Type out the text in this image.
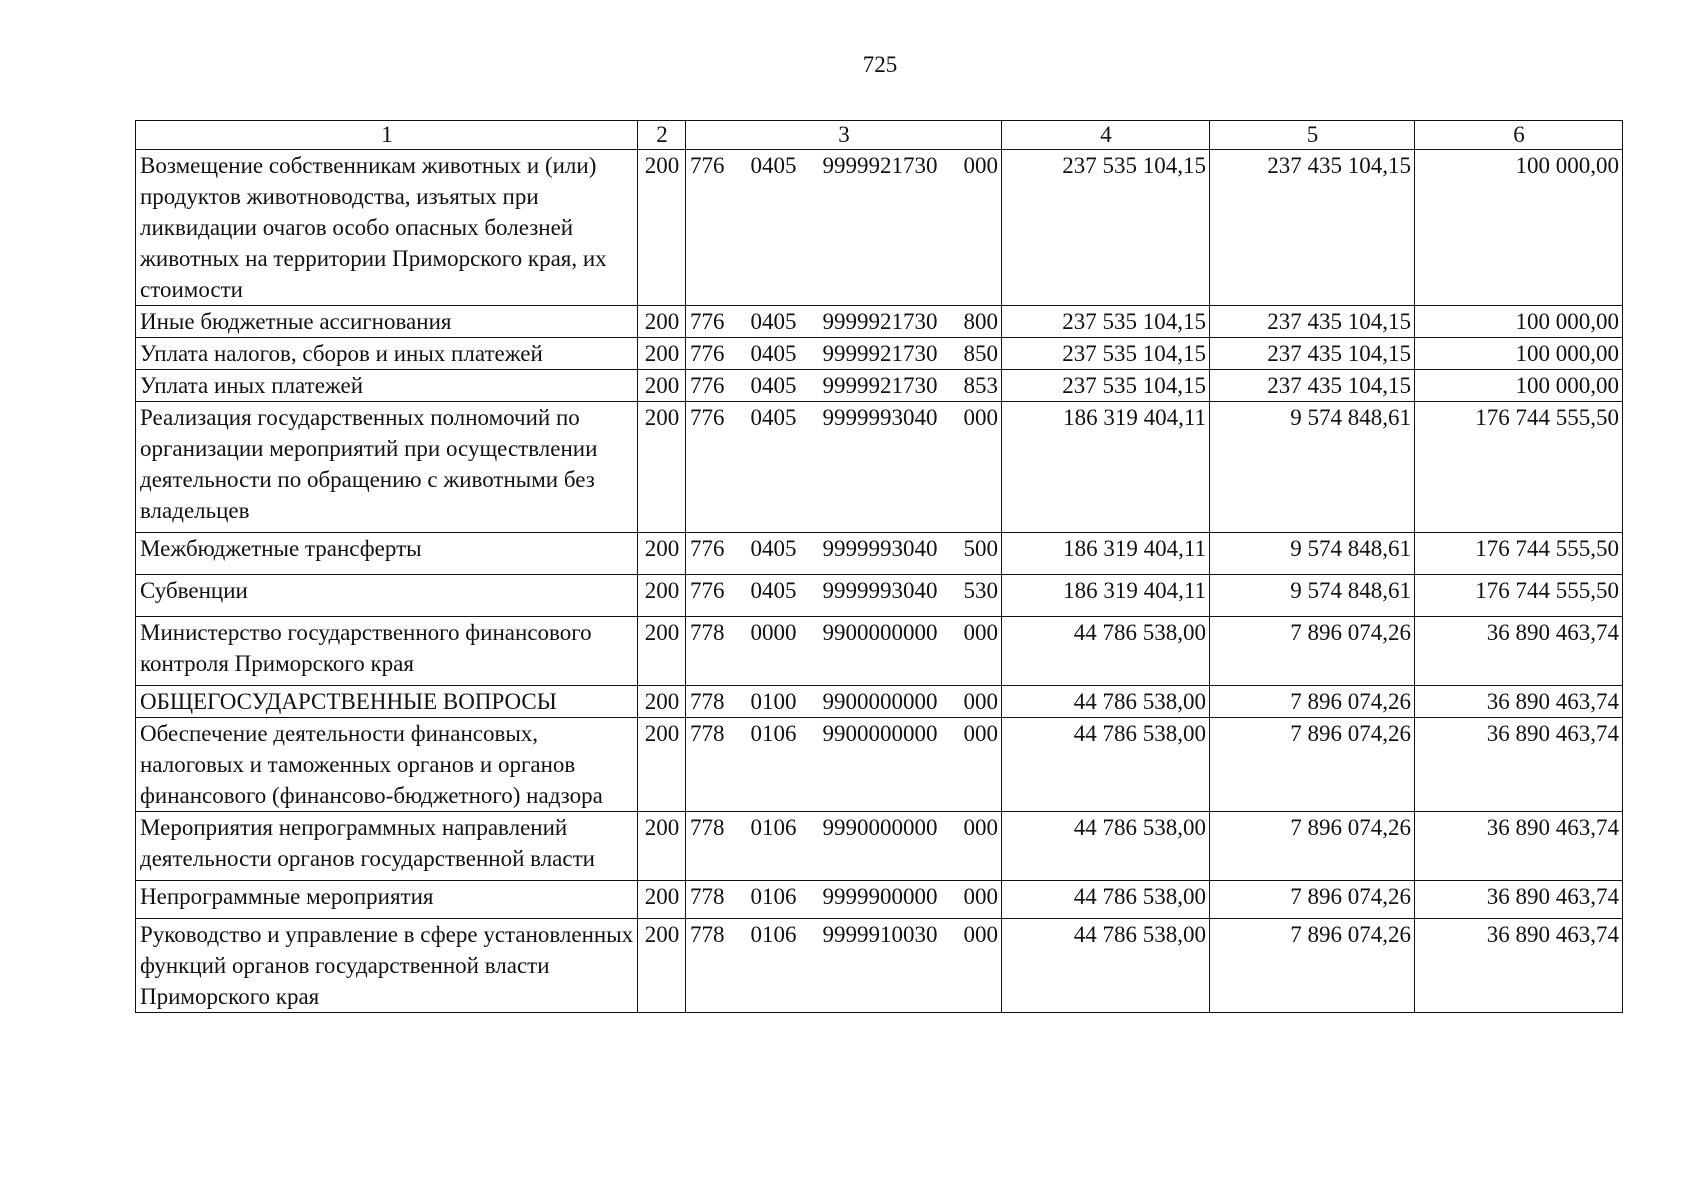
725
1	2	3	4	5	6
Возмещение собственникам животных и (или) продуктов животноводства, изъятых при ликвидации очагов особо опасных болезней животных на территории Приморского края, их стоимости	200	776 0405 9999921730 000	237 535 104,15	237 435 104,15	100 000,00
Иные бюджетные ассигнования	200	776 0405 9999921730 800	237 535 104,15	237 435 104,15	100 000,00
Уплата налогов, сборов и иных платежей	200	776 0405 9999921730 850	237 535 104,15	237 435 104,15	100 000,00
Уплата иных платежей	200	776 0405 9999921730 853	237 535 104,15	237 435 104,15	100 000,00
Реализация государственных полномочий по организации мероприятий при осуществлении деятельности по обращению с животными без владельцев	200	776 0405 9999993040 000	186 319 404,11	9 574 848,61	176 744 555,50
Межбюджетные трансферты	200	776 0405 9999993040 500	186 319 404,11	9 574 848,61	176 744 555,50
Субвенции	200	776 0405 9999993040 530	186 319 404,11	9 574 848,61	176 744 555,50
Министерство государственного финансового контроля Приморского края	200	778 0000 9900000000 000	44 786 538,00	7 896 074,26	36 890 463,74
ОБЩЕГОСУДАРСТВЕННЫЕ ВОПРОСЫ	200	778 0100 9900000000 000	44 786 538,00	7 896 074,26	36 890 463,74
Обеспечение деятельности финансовых, налоговых и таможенных органов и органов финансового (финансово-бюджетного) надзора	200	778 0106 9900000000 000	44 786 538,00	7 896 074,26	36 890 463,74
Мероприятия непрограммных направлений деятельности органов государственной власти	200	778 0106 9990000000 000	44 786 538,00	7 896 074,26	36 890 463,74
Непрограммные мероприятия	200	778 0106 9999900000 000	44 786 538,00	7 896 074,26	36 890 463,74
Руководство и управление в сфере установленных функций органов государственной власти Приморского края	200	778 0106 9999910030 000	44 786 538,00	7 896 074,26	36 890 463,74
